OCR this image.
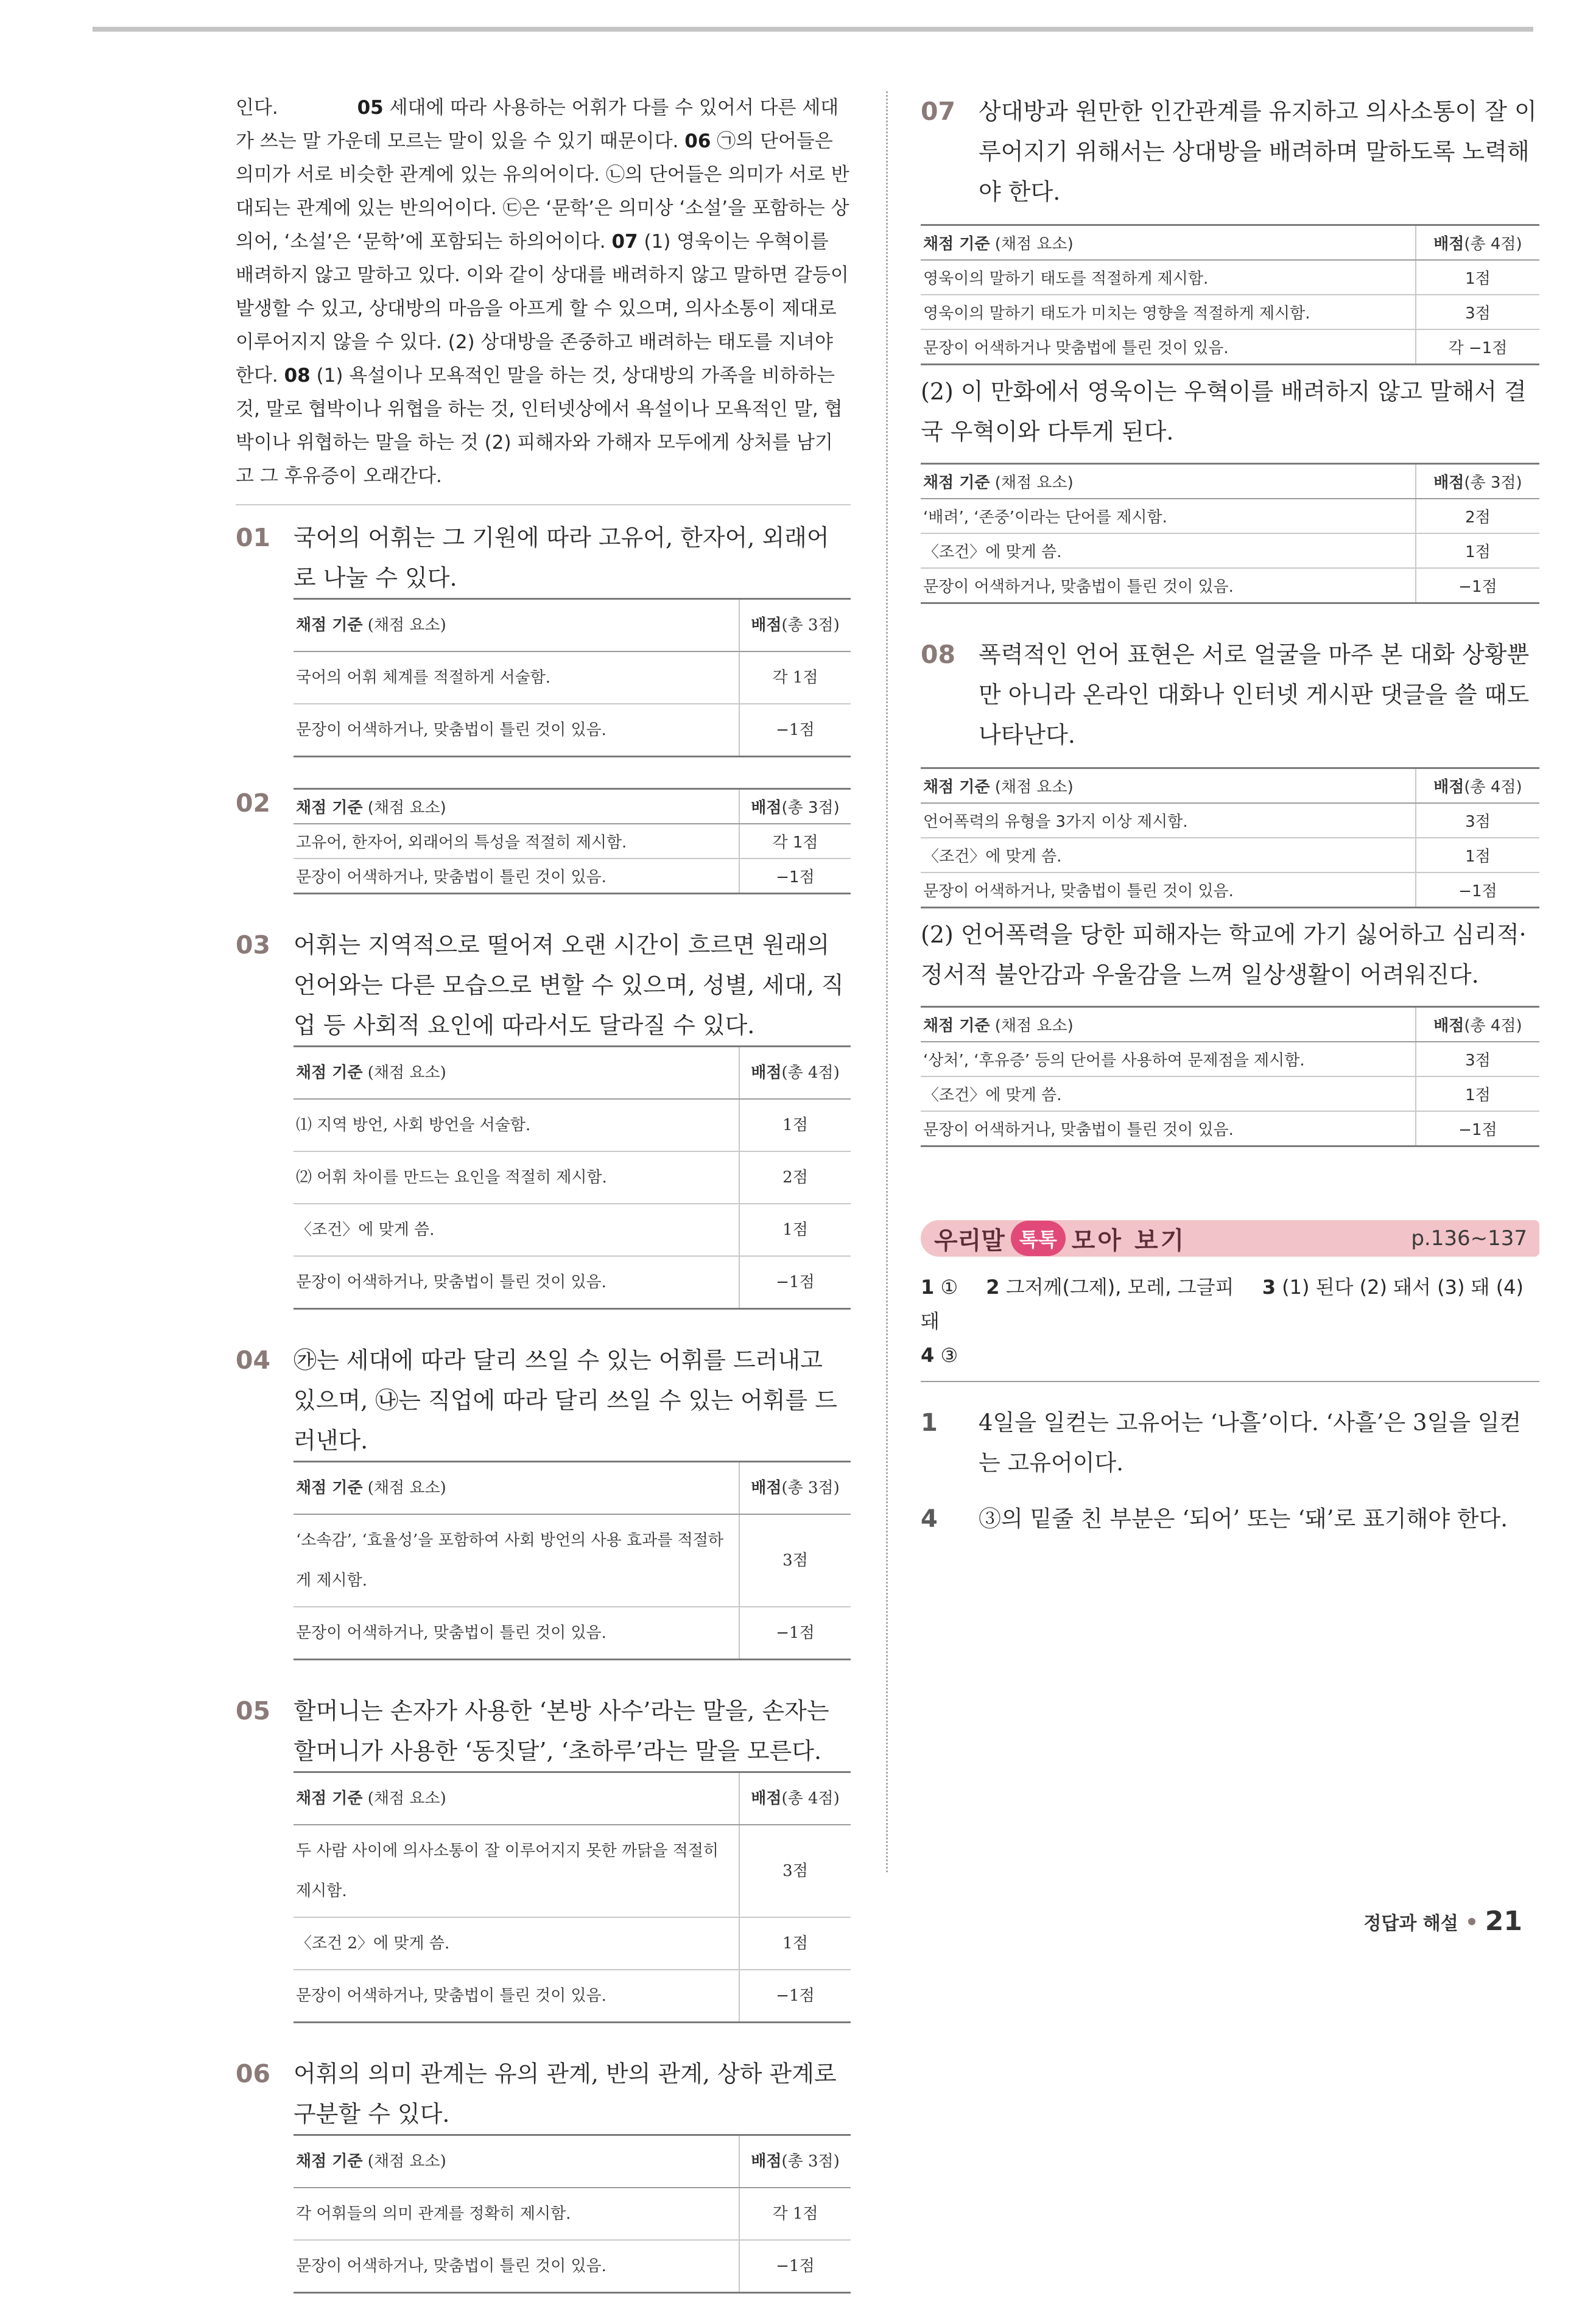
인다.	05 세대에 따라 사용하는 어휘가 다를 수 있어서 다른 세대가 쓰는 말 가운데 모르는 말이 있을 수 있기 때문이다. 06 ㉠의 단어들은 의미가 서로 비슷한 관계에 있는 유의어이다. ㉡의 단어들은 의미가 서로 반대되는 관계에 있는 반의어이다. ㉢은 ‘문학’은 의미상 ‘소설’을 포함하는 상의어, ‘소설’은 ‘문학’에 포함되는 하의어이다. 07 (1) 영욱이는 우혁이를 배려하지 않고 말하고 있다. 이와 같이 상대를 배려하지 않고 말하면 갈등이 발생할 수 있고, 상대방의 마음을 아프게 할 수 있으며, 의사소통이 제대로 이루어지지 않을 수 있다. (2) 상대방을 존중하고 배려하는 태도를 지녀야 한다. 08 (1) 욕설이나 모욕적인 말을 하는 것, 상대방의 가족을 비하하는 것, 말로 협박이나 위협을 하는 것, 인터넷상에서 욕설이나 모욕적인 말, 협박이나 위협하는 말을 하는 것 (2) 피해자와 가해자 모두에게 상처를 남기고 그 후유증이 오래간다.
01 국어의 어휘는 그 기원에 따라 고유어, 한자어, 외래어로 나눌 수 있다.
채점 기준 (채점 요소)	배점(총 3점)
국어의 어휘 체계를 적절하게 서술함.	각 1점
문장이 어색하거나, 맞춤법이 틀린 것이 있음.	−1점
02	채점 기준 (채점 요소)	배점(총 3점)
고유어, 한자어, 외래어의 특성을 적절히 제시함.	각 1점
문장이 어색하거나, 맞춤법이 틀린 것이 있음.	−1점
03 어휘는 지역적으로 떨어져 오랜 시간이 흐르면 원래의 언어와는 다른 모습으로 변할 수 있으며, 성별, 세대, 직업 등 사회적 요인에 따라서도 달라질 수 있다.
채점 기준 (채점 요소)	배점(총 4점)
⑴ 지역 방언, 사회 방언을 서술함.	1점
⑵ 어휘 차이를 만드는 요인을 적절히 제시함.	2점
〈조건〉에 맞게 씀.	1점
문장이 어색하거나, 맞춤법이 틀린 것이 있음.	−1점
04 ㉮는 세대에 따라 달리 쓰일 수 있는 어휘를 드러내고 있으며, ㉯는 직업에 따라 달리 쓰일 수 있는 어휘를 드러낸다.
채점 기준 (채점 요소)	배점(총 3점)
‘소속감’, ‘효율성’을 포함하여 사회 방언의 사용 효과를 적절하게 제시함.	3점
문장이 어색하거나, 맞춤법이 틀린 것이 있음.	−1점
05 할머니는 손자가 사용한 ‘본방 사수’라는 말을, 손자는 할머니가 사용한 ‘동짓달’, ‘초하루’라는 말을 모른다.
채점 기준 (채점 요소)	배점(총 4점)
두 사람 사이에 의사소통이 잘 이루어지지 못한 까닭을 적절히 제시함.	3점
〈조건 2〉에 맞게 씀.	1점
문장이 어색하거나, 맞춤법이 틀린 것이 있음.	−1점
06 어휘의 의미 관계는 유의 관계, 반의 관계, 상하 관계로 구분할 수 있다.
채점 기준 (채점 요소)	배점(총 3점)
각 어휘들의 의미 관계를 정확히 제시함.	각 1점
문장이 어색하거나, 맞춤법이 틀린 것이 있음.	−1점
07 상대방과 원만한 인간관계를 유지하고 의사소통이 잘 이루어지기 위해서는 상대방을 배려하며 말하도록 노력해야 한다.
채점 기준 (채점 요소)	배점(총 4점)
영욱이의 말하기 태도를 적절하게 제시함.	1점
영욱이의 말하기 태도가 미치는 영향을 적절하게 제시함.	3점
문장이 어색하거나 맞춤법에 틀린 것이 있음.	각 −1점
(2) 이 만화에서 영욱이는 우혁이를 배려하지 않고 말해서 결국 우혁이와 다투게 된다.
채점 기준 (채점 요소)	배점(총 3점)
‘배려’, ‘존중’이라는 단어를 제시함.	2점
〈조건〉에 맞게 씀.	1점
문장이 어색하거나, 맞춤법이 틀린 것이 있음.	−1점
08 폭력적인 언어 표현은 서로 얼굴을 마주 본 대화 상황뿐만 아니라 온라인 대화나 인터넷 게시판 댓글을 쓸 때도 나타난다.
채점 기준 (채점 요소)	배점(총 4점)
언어폭력의 유형을 3가지 이상 제시함.	3점
〈조건〉에 맞게 씀.	1점
문장이 어색하거나, 맞춤법이 틀린 것이 있음.	−1점
(2) 언어폭력을 당한 피해자는 학교에 가기 싫어하고 심리적·정서적 불안감과 우울감을 느껴 일상생활이 어려워진다.
채점 기준 (채점 요소)	배점(총 4점)
‘상처’, ‘후유증’ 등의 단어를 사용하여 문제점을 제시함.	3점
〈조건〉에 맞게 씀.	1점
문장이 어색하거나, 맞춤법이 틀린 것이 있음.	−1점
우리말 톡톡 모아 보기	p.136~137
1 ① 2 그저께(그제), 모레, 그글피 3 (1) 된다 (2) 돼서 (3) 돼 (4) 돼
4 ③
1	4일을 일컫는 고유어는 ‘나흘’이다. ‘사흘’은 3일을 일컫는 고유어이다.
4	③의 밑줄 친 부분은 ‘되어’ 또는 ‘돼’로 표기해야 한다.
정답과 해설 21
